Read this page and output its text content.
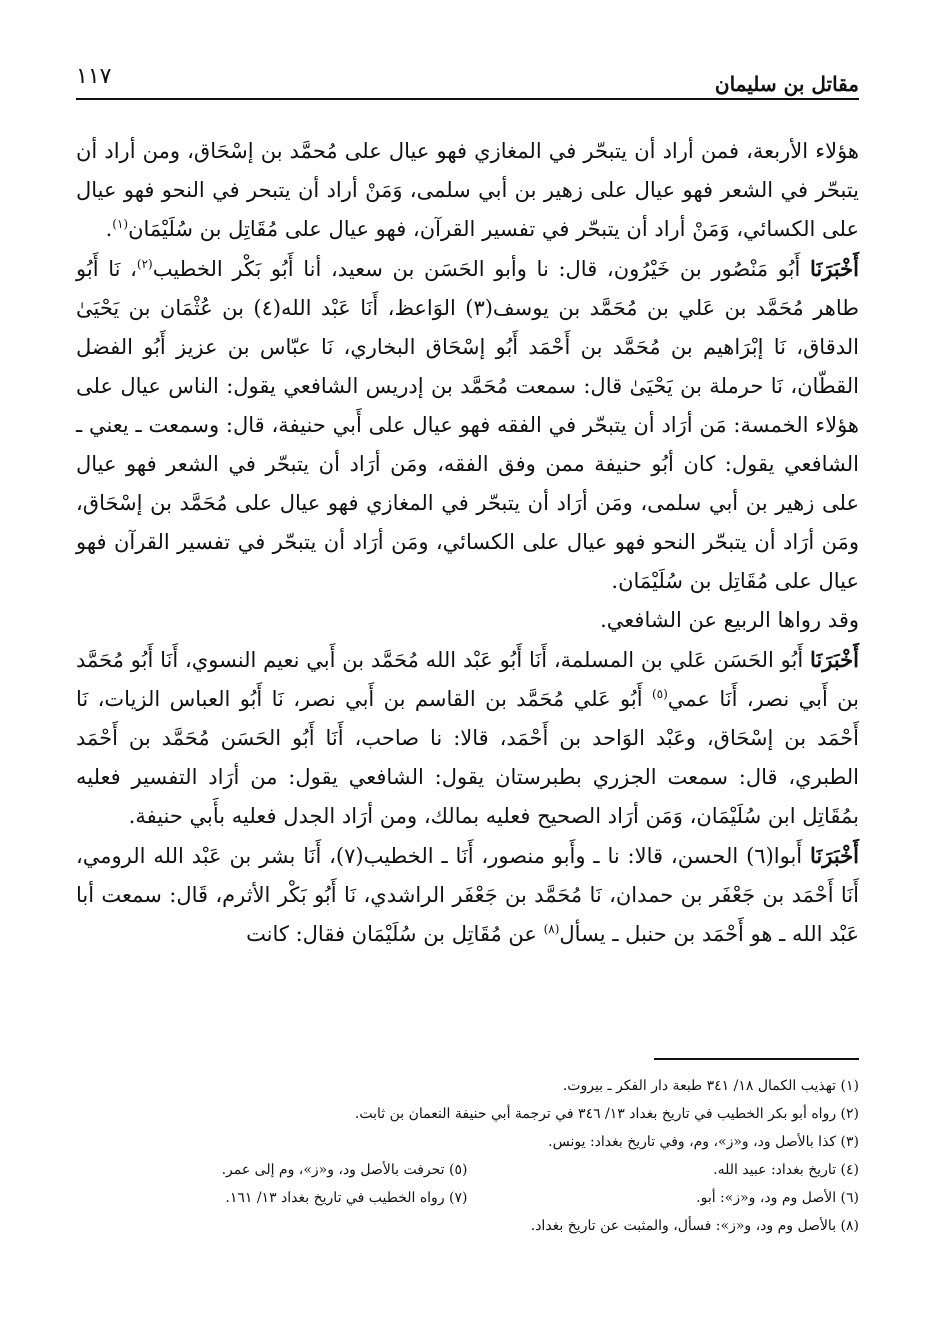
مقاتل بن سليمان
١١٧

هؤلاء الأربعة، فمن أراد أن يتبحّر في المغازي فهو عيال على مُحمَّد بن إسْحَاق، ومن أراد أن يتبحّر في الشعر فهو عيال على زهير بن أبي سلمى، وَمَنْ أراد أن يتبحر في النحو فهو عيال على الكسائي، وَمَنْ أراد أن يتبحّر في تفسير القرآن، فهو عيال على مُقَاتِل بن سُلَيْمَان$^{(١)}$.

أَخْبَرَنَا أَبُو مَنْصُور بن خَيْرُون، قال: نا وأبو الحَسَن بن سعيد، أنا أَبُو بَكْر الخطيب$^{(٢)}$، نَا أَبُو طاهر مُحَمَّد بن عَلي بن مُحَمَّد بن يوسف(٣) الوَاعظ، أَنَا عَبْد الله(٤) بن عُثْمَان بن يَحْيَىٰ الدقاق، نَا إبْرَاهيم بن مُحَمَّد بن أَحْمَد أَبُو إسْحَاق البخاري، نَا عبّاس بن عزيز أَبُو الفضل القطّان، نَا حرملة بن يَحْيَىٰ قال: سمعت مُحَمَّد بن إدريس الشافعي يقول: الناس عيال على هؤلاء الخمسة: مَن أرَاد أن يتبحّر في الفقه فهو عيال على أَبي حنيفة، قال: وسمعت ـ يعني ـ الشافعي يقول: كان أبُو حنيفة ممن وفق الفقه، ومَن أرَاد أن يتبحّر في الشعر فهو عيال على زهير بن أبي سلمى، ومَن أرَاد أن يتبحّر في المغازي فهو عيال على مُحَمَّد بن إسْحَاق، ومَن أرَاد أن يتبحّر النحو فهو عيال على الكسائي، ومَن أرَاد أن يتبحّر في تفسير القرآن فهو عيال على مُقَاتِل بن سُلَيْمَان.

وقد رواها الربيع عن الشافعي.

أَخْبَرَنَا أَبُو الحَسَن عَلي بن المسلمة، أَنَا أَبُو عَبْد الله مُحَمَّد بن أَبي نعيم النسوي، أَنَا أَبُو مُحَمَّد بن أَبي نصر، أَنَا عمي$^{(٥)}$ أَبُو عَلي مُحَمَّد بن القاسم بن أَبي نصر، نَا أَبُو العباس الزيات، نَا أَحْمَد بن إسْحَاق، وعَبْد الوَاحد بن أَحْمَد، قالا: نا صاحب، أَنَا أَبُو الحَسَن مُحَمَّد بن أَحْمَد الطبري، قال: سمعت الجزري بطبرستان يقول: الشافعي يقول: من أرَاد التفسير فعليه بمُقَاتِل ابن سُلَيْمَان، وَمَن أرَاد الصحيح فعليه بمالك، ومن أرَاد الجدل فعليه بأَبي حنيفة.

أَخْبَرَنَا أَبوا(٦) الحسن، قالا: نا ـ وأَبو منصور، أَنَا ـ الخطيب(٧)، أَنَا بشر بن عَبْد الله الرومي، أَنَا أَحْمَد بن جَعْفَر بن حمدان، نَا مُحَمَّد بن جَعْفَر الراشدي، نَا أَبُو بَكْر الأثرم، قَال: سمعت أبا عَبْد الله ـ هو أَحْمَد بن حنبل ـ يسأل$^{(٨)}$ عن مُقَاتِل بن سُلَيْمَان فقال: كانت

(١) تهذيب الكمال ١٨/ ٣٤١ طبعة دار الفكر ـ بيروت.
(٢) رواه أبو بكر الخطيب في تاريخ بغداد ١٣/ ٣٤٦ في ترجمة أبي حنيفة النعمان بن ثابت.
(٣) كذا بالأصل ود، و«ز»، وم، وفي تاريخ بغداد: يونس.
(٤) تاريخ بغداد: عبيد الله.
(٥) تحرفت بالأصل ود، و«ز»، وم إلى عمر.
(٦) الأصل وم ود، و«ز»: أبو.
(٧) رواه الخطيب في تاريخ بغداد ١٣/ ١٦١.
(٨) بالأصل وم ود، و«ز»: فسأل، والمثبت عن تاريخ بغداد.
